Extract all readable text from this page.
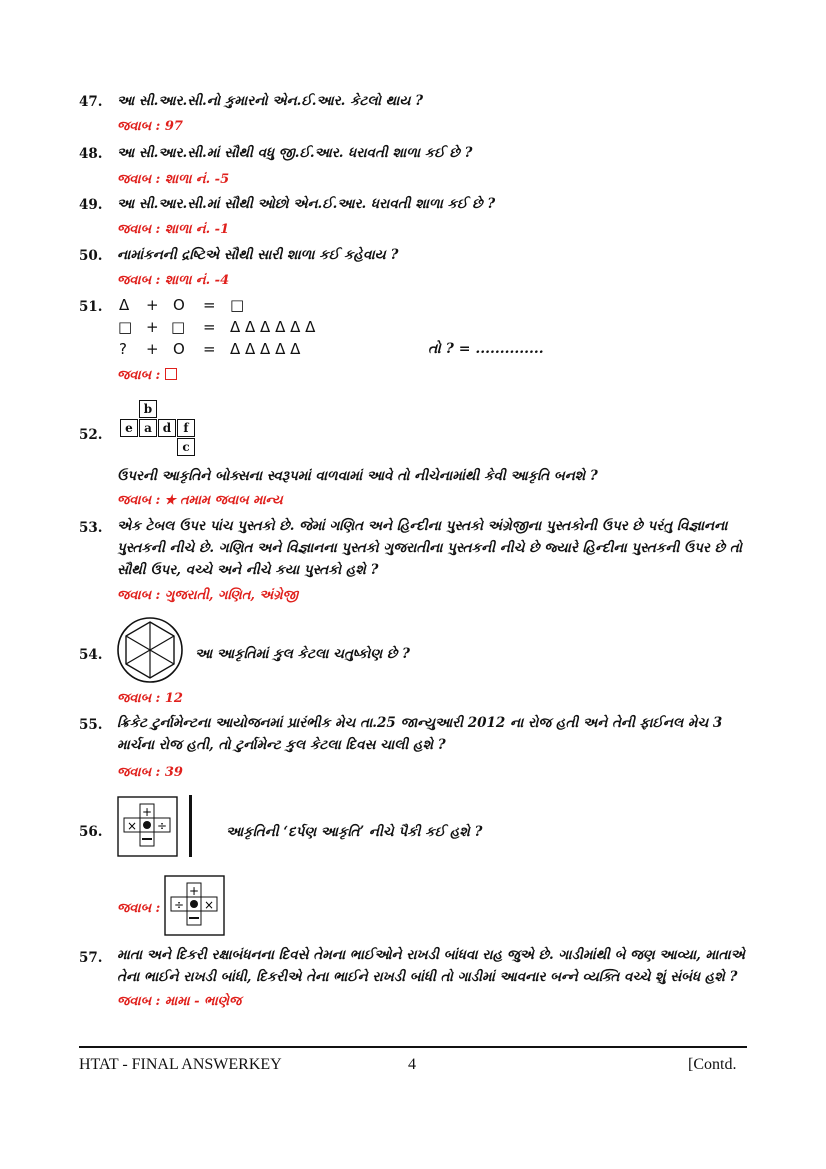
47. આ સી.આર.સી.નો કુમારનો એન.ઈ.આર. કેટલો થાય ?
જવાબ : 97
48. આ સી.આર.સી.માં સૌથી વધુ જી.ઈ.આર. ધરાવતી શાળા કઈ છે ?
જવાબ : શાળા નં. -5
49. આ સી.આર.સી.માં સૌથી ઓછો એન.ઈ.આર. ધરાવતી શાળા કઈ છે ?
જવાબ : શાળા નં. -1
50. નામાંકનની દ્રષ્ટિએ સૌથી સારી શાળા કઈ કહેવાય ?
જવાબ : શાળા નં. -4
51. Δ + O = □
□ + □ = Δ Δ Δ Δ Δ Δ
? + O = Δ Δ Δ Δ Δ	તો ? = ..............
જવાબ :
52.
b
e a d	f
c
ઉપરની આકૃતિને બોક્સના સ્વરૂપમાં વાળવામાં આવે તો નીચેનામાંથી કેવી આકૃતિ બનશે ?
જવાબ : ★ તમામ જવાબ માન્ય
53. એક ટેબલ ઉપર પાંચ પુસ્તકો છે. જેમાં ગણિત અને હિન્દીના પુસ્તકો અંગ્રેજીના પુસ્તકોની ઉપર છે પરંતુ વિજ્ઞાનના પુસ્તકની નીચે છે. ગણિત અને વિજ્ઞાનના પુસ્તકો ગુજરાતીના પુસ્તકની નીચે છે જ્યારે હિન્દીના પુસ્તકની ઉપર છે તો સૌથી ઉપર, વચ્ચે અને નીચે કયા પુસ્તકો હશે ?
જવાબ : ગુજરાતી, ગણિત, અંગ્રેજી
54.	આ આકૃતિમાં કુલ કેટલા ચતુષ્કોણ છે ?
જવાબ : 12
55. ક્રિકેટ ટુર્નામેન્ટના આયોજનમાં પ્રારંભીક મેચ તા.25 જાન્યુઆરી 2012 ના રોજ હતી અને તેની ફાઈનલ મેચ 3 માર્ચના રોજ હતી, તો ટુર્નામેન્ટ કુલ કેટલા દિવસ ચાલી હશે ?
જવાબ : 39
56.
+
× ÷	આકૃતિની ‘દર્પણ આકૃતિ’ નીચે પૈકી કઈ હશે ?
જવાબ :
+
÷ ×
57. માતા અને દિકરી રક્ષાબંધનના દિવસે તેમના ભાઈઓને રાખડી બાંધવા રાહ જુએ છે. ગાડીમાંથી બે જણ આવ્યા, માતાએ તેના ભાઈને રાખડી બાંધી, દિકરીએ તેના ભાઈને રાખડી બાંધી તો ગાડીમાં આવનાર બન્ને વ્યક્તિ વચ્ચે શું સંબંધ હશે ?
જવાબ : મામા - ભાણેજ
HTAT - FINAL ANSWERKEY	4	[Contd.
